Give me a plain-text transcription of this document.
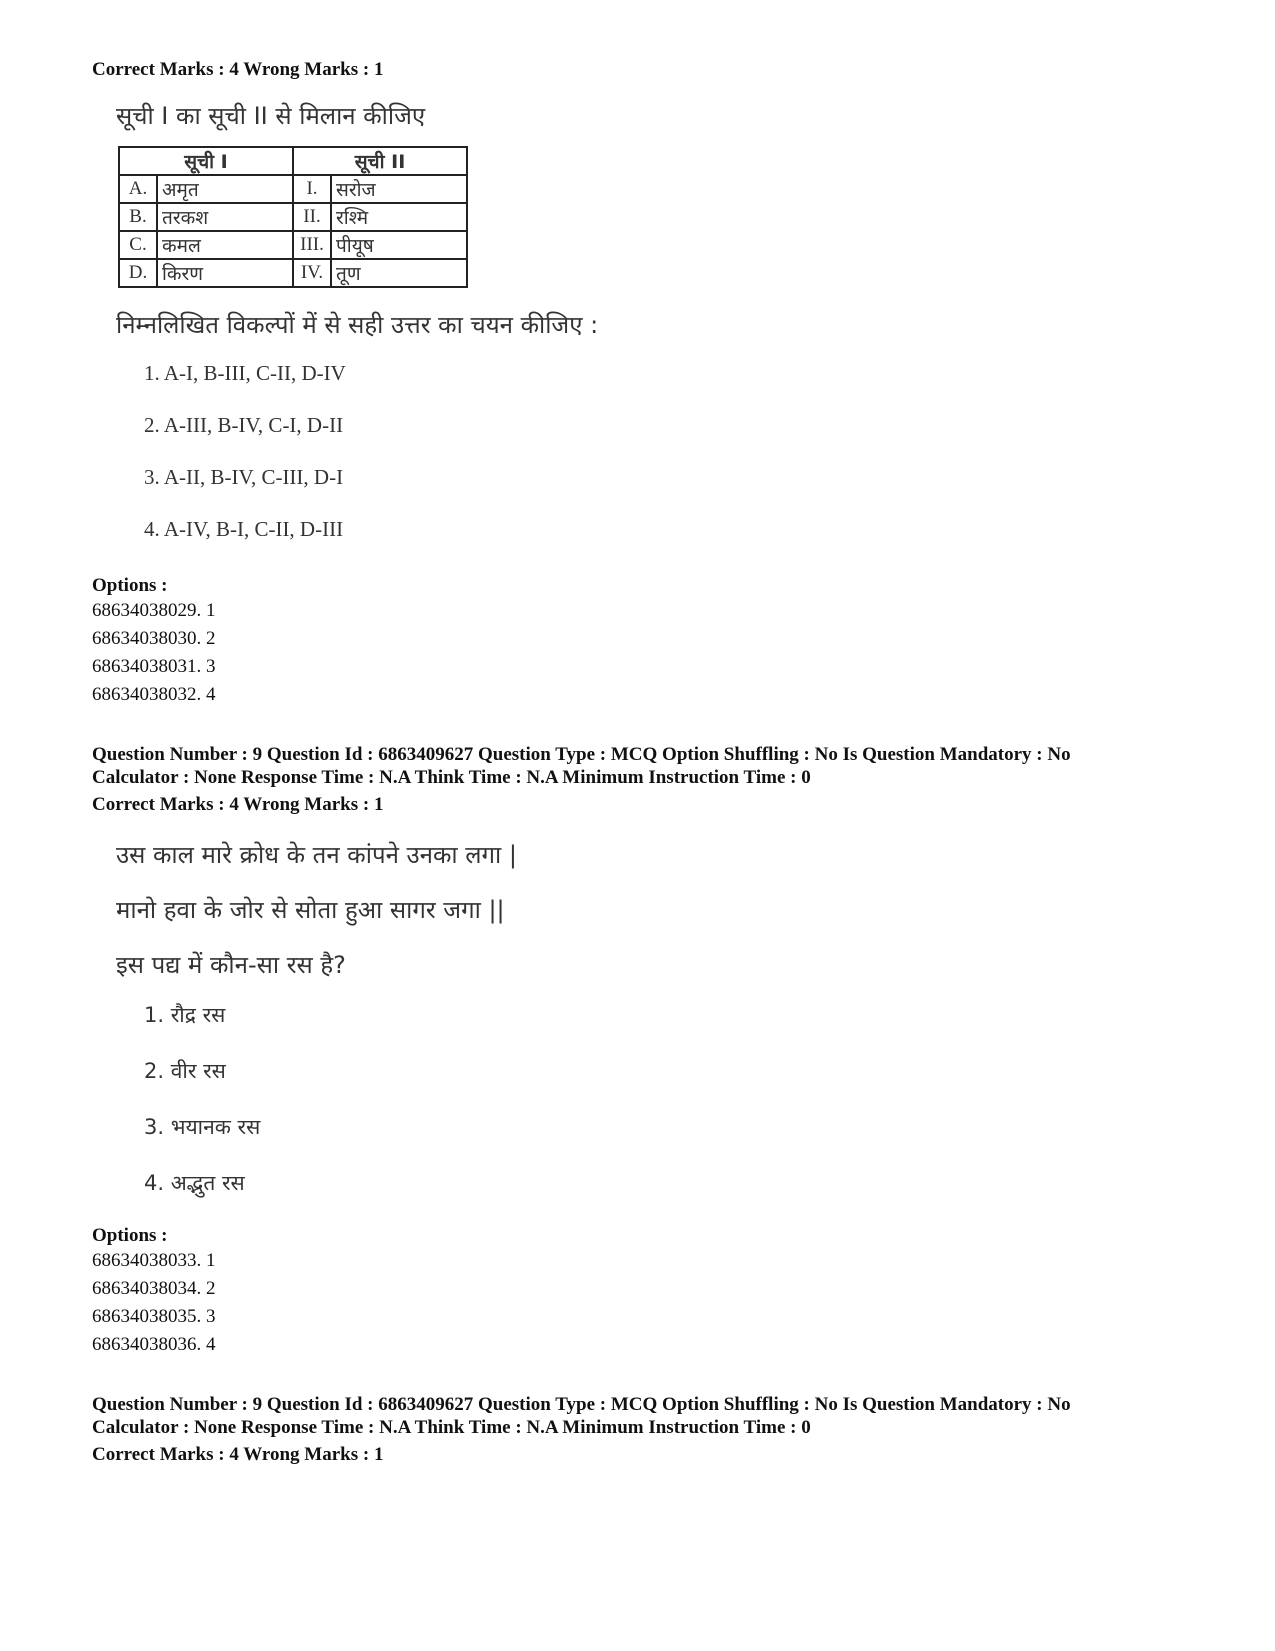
Correct Marks : 4 Wrong Marks : 1
सूची I का सूची II से मिलान कीजिए
सूची I		सूची II	
A.	अमृत	I.	सरोज
B.	तरकश	II.	रश्मि
C.	कमल	III.	पीयूष
D.	किरण	IV.	तूण
निम्नलिखित विकल्पों में से सही उत्तर का चयन कीजिए :
1. A-I, B-III, C-II, D-IV
2. A-III, B-IV, C-I, D-II
3. A-II, B-IV, C-III, D-I
4. A-IV, B-I, C-II, D-III
Options :
68634038029. 1
68634038030. 2
68634038031. 3
68634038032. 4
Question Number : 9 Question Id : 6863409627 Question Type : MCQ Option Shuffling : No Is Question Mandatory : No
Calculator : None Response Time : N.A Think Time : N.A Minimum Instruction Time : 0
Correct Marks : 4 Wrong Marks : 1
उस काल मारे क्रोध के तन कांपने उनका लगा |
मानो हवा के जोर से सोता हुआ सागर जगा ||
इस पद्य में कौन-सा रस है?
1. रौद्र रस
2. वीर रस
3. भयानक रस
4. अद्भुत रस
Options :
68634038033. 1
68634038034. 2
68634038035. 3
68634038036. 4
Question Number : 9 Question Id : 6863409627 Question Type : MCQ Option Shuffling : No Is Question Mandatory : No
Calculator : None Response Time : N.A Think Time : N.A Minimum Instruction Time : 0
Correct Marks : 4 Wrong Marks : 1
